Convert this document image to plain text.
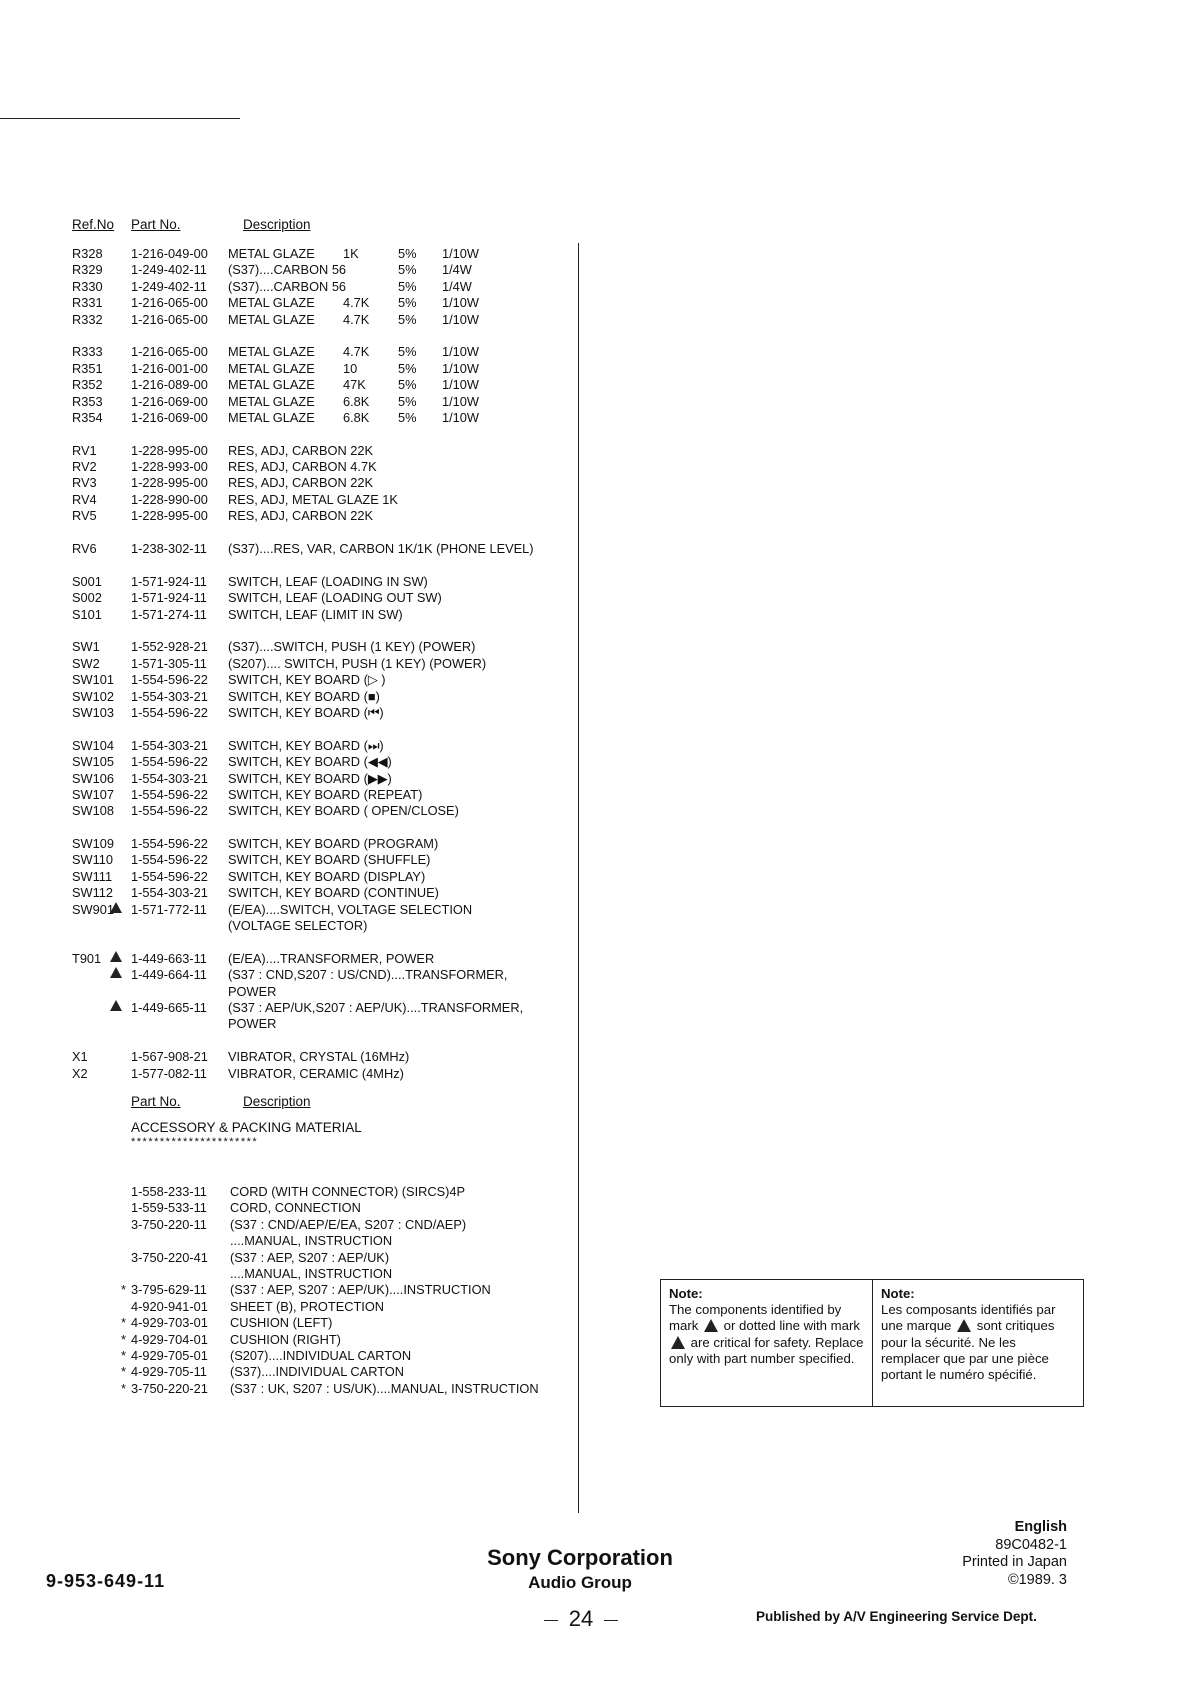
Ref.No Part No.	Description
R328 1-216-049-00 METAL GLAZE 1K	5% 1/10W
R329 1-249-402-11 (S37)....CARBON 56	5% 1/4W
R330 1-249-402-11 (S37)....CARBON 56	5% 1/4W
R331 1-216-065-00 METAL GLAZE 4.7K 5% 1/10W
R332 1-216-065-00 METAL GLAZE 4.7K 5% 1/10W
R333 1-216-065-00 METAL GLAZE 4.7K 5% 1/10W
R351 1-216-001-00 METAL GLAZE 10	5% 1/10W
R352 1-216-089-00 METAL GLAZE 47K	5% 1/10W
R353 1-216-069-00 METAL GLAZE 6.8K 5% 1/10W
R354 1-216-069-00 METAL GLAZE 6.8K 5% 1/10W
RV1	1-228-995-00 RES, ADJ, CARBON 22K
RV2	1-228-993-00 RES, ADJ, CARBON 4.7K
RV3	1-228-995-00 RES, ADJ, CARBON 22K
RV4	1-228-990-00 RES, ADJ, METAL GLAZE 1K
RV5	1-228-995-00 RES, ADJ, CARBON 22K
RV6	1-238-302-11 (S37)....RES, VAR, CARBON 1K/1K (PHONE LEVEL)
S001 1-571-924-11 SWITCH, LEAF (LOADING IN SW)
S002 1-571-924-11 SWITCH, LEAF (LOADING OUT SW)
S101 1-571-274-11 SWITCH, LEAF (LIMIT IN SW)
SW1 1-552-928-21 (S37)....SWITCH, PUSH (1 KEY) (POWER)
SW2 1-571-305-11 (S207).... SWITCH, PUSH (1 KEY) (POWER)
SW101 1-554-596-22 SWITCH, KEY BOARD (▷ )
SW102 1-554-303-21 SWITCH, KEY BOARD (■)
SW103 1-554-596-22 SWITCH, KEY BOARD (⏮)
SW104 1-554-303-21 SWITCH, KEY BOARD (⏭)
SW105 1-554-596-22 SWITCH, KEY BOARD (◀◀)
SW106 1-554-303-21 SWITCH, KEY BOARD (▶▶)
SW107 1-554-596-22 SWITCH, KEY BOARD (REPEAT)
SW108 1-554-596-22 SWITCH, KEY BOARD ( OPEN/CLOSE)
SW109 1-554-596-22 SWITCH, KEY BOARD (PROGRAM)
SW110 1-554-596-22 SWITCH, KEY BOARD (SHUFFLE)
SW111 1-554-596-22 SWITCH, KEY BOARD (DISPLAY)
SW112 1-554-303-21 SWITCH, KEY BOARD (CONTINUE)
SW901 1-571-772-11 (E/EA)....SWITCH, VOLTAGE SELECTION
(VOLTAGE SELECTOR)
T901 1-449-663-11 (E/EA)....TRANSFORMER, POWER
1-449-664-11 (S37 : CND,S207 : US/CND)....TRANSFORMER,
POWER
1-449-665-11 (S37 : AEP/UK,S207 : AEP/UK)....TRANSFORMER,
POWER
X1	1-567-908-21 VIBRATOR, CRYSTAL (16MHz)
X2	1-577-082-11 VIBRATOR, CERAMIC (4MHz)
Part No.	Description
ACCESSORY & PACKING MATERIAL
**********************
1-558-233-11 CORD (WITH CONNECTOR) (SIRCS)4P
1-559-533-11 CORD, CONNECTION
3-750-220-11 (S37 : CND/AEP/E/EA, S207 : CND/AEP)
....MANUAL, INSTRUCTION
3-750-220-41 (S37 : AEP, S207 : AEP/UK)
....MANUAL, INSTRUCTION
* 3-795-629-11 (S37 : AEP, S207 : AEP/UK)....INSTRUCTION
4-920-941-01 SHEET (B), PROTECTION
* 4-929-703-01 CUSHION (LEFT)
* 4-929-704-01 CUSHION (RIGHT)
* 4-929-705-01 (S207)....INDIVIDUAL CARTON
* 4-929-705-11 (S37)....INDIVIDUAL CARTON
* 3-750-220-21 (S37 : UK, S207 : US/UK)....MANUAL, INSTRUCTION
Note:
The components identified by mark or dotted line with mark  are critical for safety. Replace only with part number specified.
Note:
Les composants identifiés par une marque sont critiques pour la sécurité. Ne les remplacer que par une pièce portant le numéro spécifié.
9-953-649-11
Sony Corporation
Audio Group
24
English
89C0482-1
Printed in Japan
©1989. 3
Published by A/V Engineering Service Dept.
